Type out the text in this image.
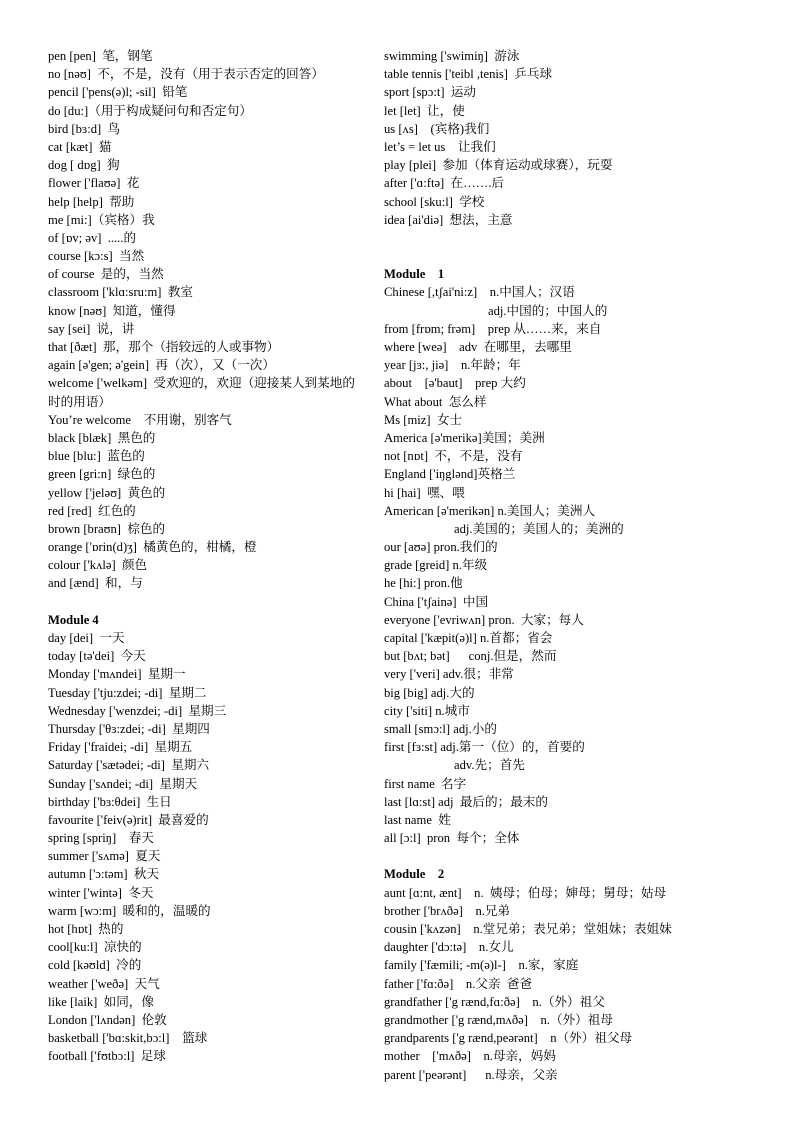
pen [pen]  笔，钢笔
no [nəʊ]  不，不是，没有（用于表示否定的回答）
pencil ['pens(ə)l; -sil]  铅笔
do [du:]（用于构成疑问句和否定句）
bird [bɜ:d]  鸟
cat [kæt]  猫
dog [ dɒg]  狗
flower ['flaʊə]  花
help [help]  帮助
me [mi:]（宾格）我
of [ɒv; əv]  .....的
course [kɔ:s]  当然
of course  是的，当然
classroom ['klɑ:sru:m]  教室
know [nəʊ]  知道，懂得
say [sei]  说，讲
that [ðæt]  那，那个（指较远的人或事物）
again [ə'gen; ə'gein]  再（次），又（一次）
welcome ['welkəm]  受欢迎的，欢迎（迎接某人到某地的
时的用语）
You’re welcome    不用谢，别客气
black [blæk]  黑色的
blue [blu:]  蓝色的
green [gri:n]  绿色的
yellow ['jeləʊ]  黄色的
red [red]  红色的
brown [braʊn]  棕色的
orange ['ɒrin(d)ʒ]  橘黄色的，柑橘，橙
colour ['kʌlə]  颜色
and [ænd]  和，与
Module 4
day [dei]  一天
today [tə'dei]  今天
Monday ['mʌndei]  星期一
Tuesday ['tju:zdei; -di]  星期二
Wednesday ['wenzdei; -di]  星期三
Thursday ['θɜ:zdei; -di]  星期四
Friday ['fraidei; -di]  星期五
Saturday ['sætədei; -di]  星期六
Sunday ['sʌndei; -di]  星期天
birthday ['bɜ:θdei]  生日
favourite ['feiv(ə)rit]  最喜爱的
spring [spriŋ]    春天
summer ['sʌmə]  夏天
autumn ['ɔ:təm]  秋天
winter ['wintə]  冬天
warm [wɔ:m]  暖和的，温暖的
hot [hɒt]  热的
cool[ku:l]  凉快的
cold [kəʊld]  冷的
weather ['weðə]  天气
like [laik]  如同，像
London ['lʌndən]  伦敦
basketball ['bɑ:skit,bɔ:l]    篮球
football ['fʊtbɔ:l]  足球
swimming ['swimiŋ]  游泳
table tennis ['teibl ,tenis]  乒乓球
sport [spɔ:t]  运动
let [let]  让，使
us [ʌs]    (宾格)我们
let’s = let us    让我们
play [plei]  参加（体育运动或球赛），玩耍
after ['ɑ:ftə]  在…….后
school [sku:l]  学校
idea [ai'diə]  想法，主意
Module    1
Chinese [,tʃai'ni:z]    n.中国人；汉语
adj.中国的；中国人的
from [frɒm; frəm]    prep 从……来，来自
where [weə]    adv  在哪里，去哪里
year [jɜ:, jiə]    n.年龄；年
about    [ə'baut]    prep 大约
What about  怎么样
Ms [miz]  女士
America [ə'merikə]美国；美洲
not [nɒt]  不，不是，没有
England ['iŋglənd]英格兰
hi [hai]  嘿、喂
American [ə'merikən] n.美国人；美洲人
adj.美国的；美国人的；美洲的
our [aʊə] pron.我们的
grade [greid] n.年级
he [hi:] pron.他
China ['tʃainə]  中国
everyone ['evriwʌn] pron.  大家；每人
capital ['kæpit(ə)l] n.首都；省会
but [bʌt; bət]      conj.但是，然而
very ['veri] adv.很；非常
big [big] adj.大的
city ['siti] n.城市
small [smɔ:l] adj.小的
first [fɜ:st] adj.第一（位）的，首要的
adv.先；首先
first name  名字
last [lɑ:st] adj  最后的；最末的
last name  姓
all [ɔ:l]  pron  每个；全体
Module    2
aunt [ɑ:nt, ænt]    n.  姨母；伯母；婶母；舅母；姑母
brother ['brʌðə]    n.兄弟
cousin ['kʌzən]    n.堂兄弟；表兄弟；堂姐妹；表姐妹
daughter ['dɔ:tə]    n.女儿
family ['fæmili; -m(ə)l-]    n.家，家庭
father ['fɑ:ðə]    n.父亲  爸爸
grandfather ['g rænd,fɑ:ðə]    n.（外）祖父
grandmother ['g rænd,mʌðə]    n.（外）祖母
grandparents ['g rænd,peərənt]    n（外）祖父母
mother    ['mʌðə]    n.母亲，妈妈
parent ['peərənt]      n.母亲，父亲
